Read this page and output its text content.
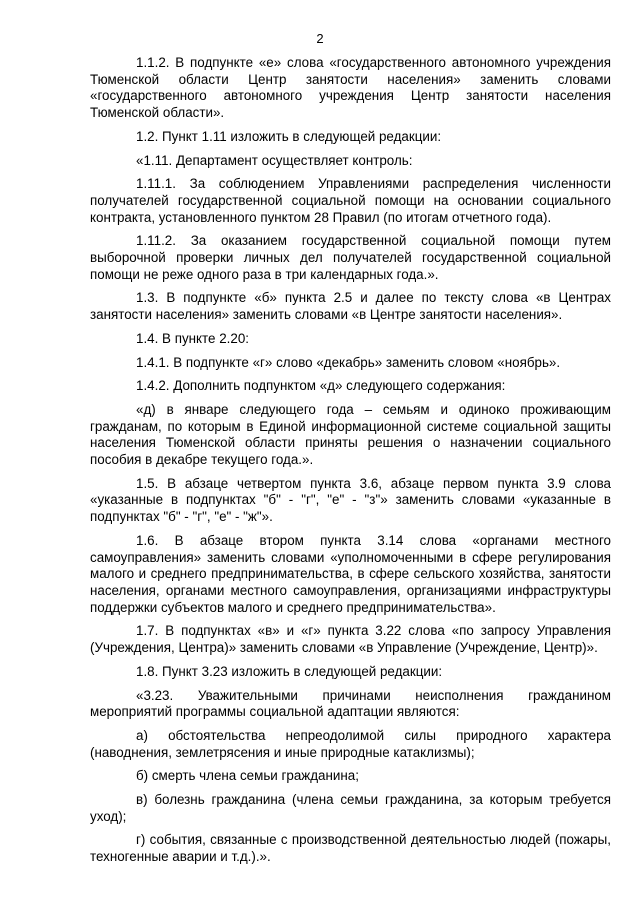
2

1.1.2. В подпункте «е» слова «государственного автономного учреждения Тюменской области Центр занятости населения» заменить словами «государственного автономного учреждения Центр занятости населения Тюменской области».

1.2. Пункт 1.11 изложить в следующей редакции:

«1.11. Департамент осуществляет контроль:

1.11.1. За соблюдением Управлениями распределения численности получателей государственной социальной помощи на основании социального контракта, установленного пунктом 28 Правил (по итогам отчетного года).

1.11.2. За оказанием государственной социальной помощи путем выборочной проверки личных дел получателей государственной социальной помощи не реже одного раза в три календарных года.».

1.3. В подпункте «б» пункта 2.5 и далее по тексту слова «в Центрах занятости населения» заменить словами «в Центре занятости населения».

1.4. В пункте 2.20:

1.4.1. В подпункте «г» слово «декабрь» заменить словом «ноябрь».

1.4.2. Дополнить подпунктом «д» следующего содержания:

«д) в январе следующего года – семьям и одиноко проживающим гражданам, по которым в Единой информационной системе социальной защиты населения Тюменской области приняты решения о назначении социального пособия в декабре текущего года.».

1.5. В абзаце четвертом пункта 3.6, абзаце первом пункта 3.9 слова «указанные в подпунктах "б" - "г", "е" - "з"» заменить словами «указанные в подпунктах "б" - "г", "е" - "ж"».

1.6. В абзаце втором пункта 3.14 слова «органами местного самоуправления» заменить словами «уполномоченными в сфере регулирования малого и среднего предпринимательства, в сфере сельского хозяйства, занятости населения, органами местного самоуправления, организациями инфраструктуры поддержки субъектов малого и среднего предпринимательства».

1.7. В подпунктах «в» и «г» пункта 3.22 слова «по запросу Управления (Учреждения, Центра)» заменить словами «в Управление (Учреждение, Центр)».

1.8. Пункт 3.23 изложить в следующей редакции:

«3.23. Уважительными причинами неисполнения гражданином мероприятий программы социальной адаптации являются:

а) обстоятельства непреодолимой силы природного характера (наводнения, землетрясения и иные природные катаклизмы);

б) смерть члена семьи гражданина;

в) болезнь гражданина (члена семьи гражданина, за которым требуется уход);

г) события, связанные с производственной деятельностью людей (пожары, техногенные аварии и т.д.).».
